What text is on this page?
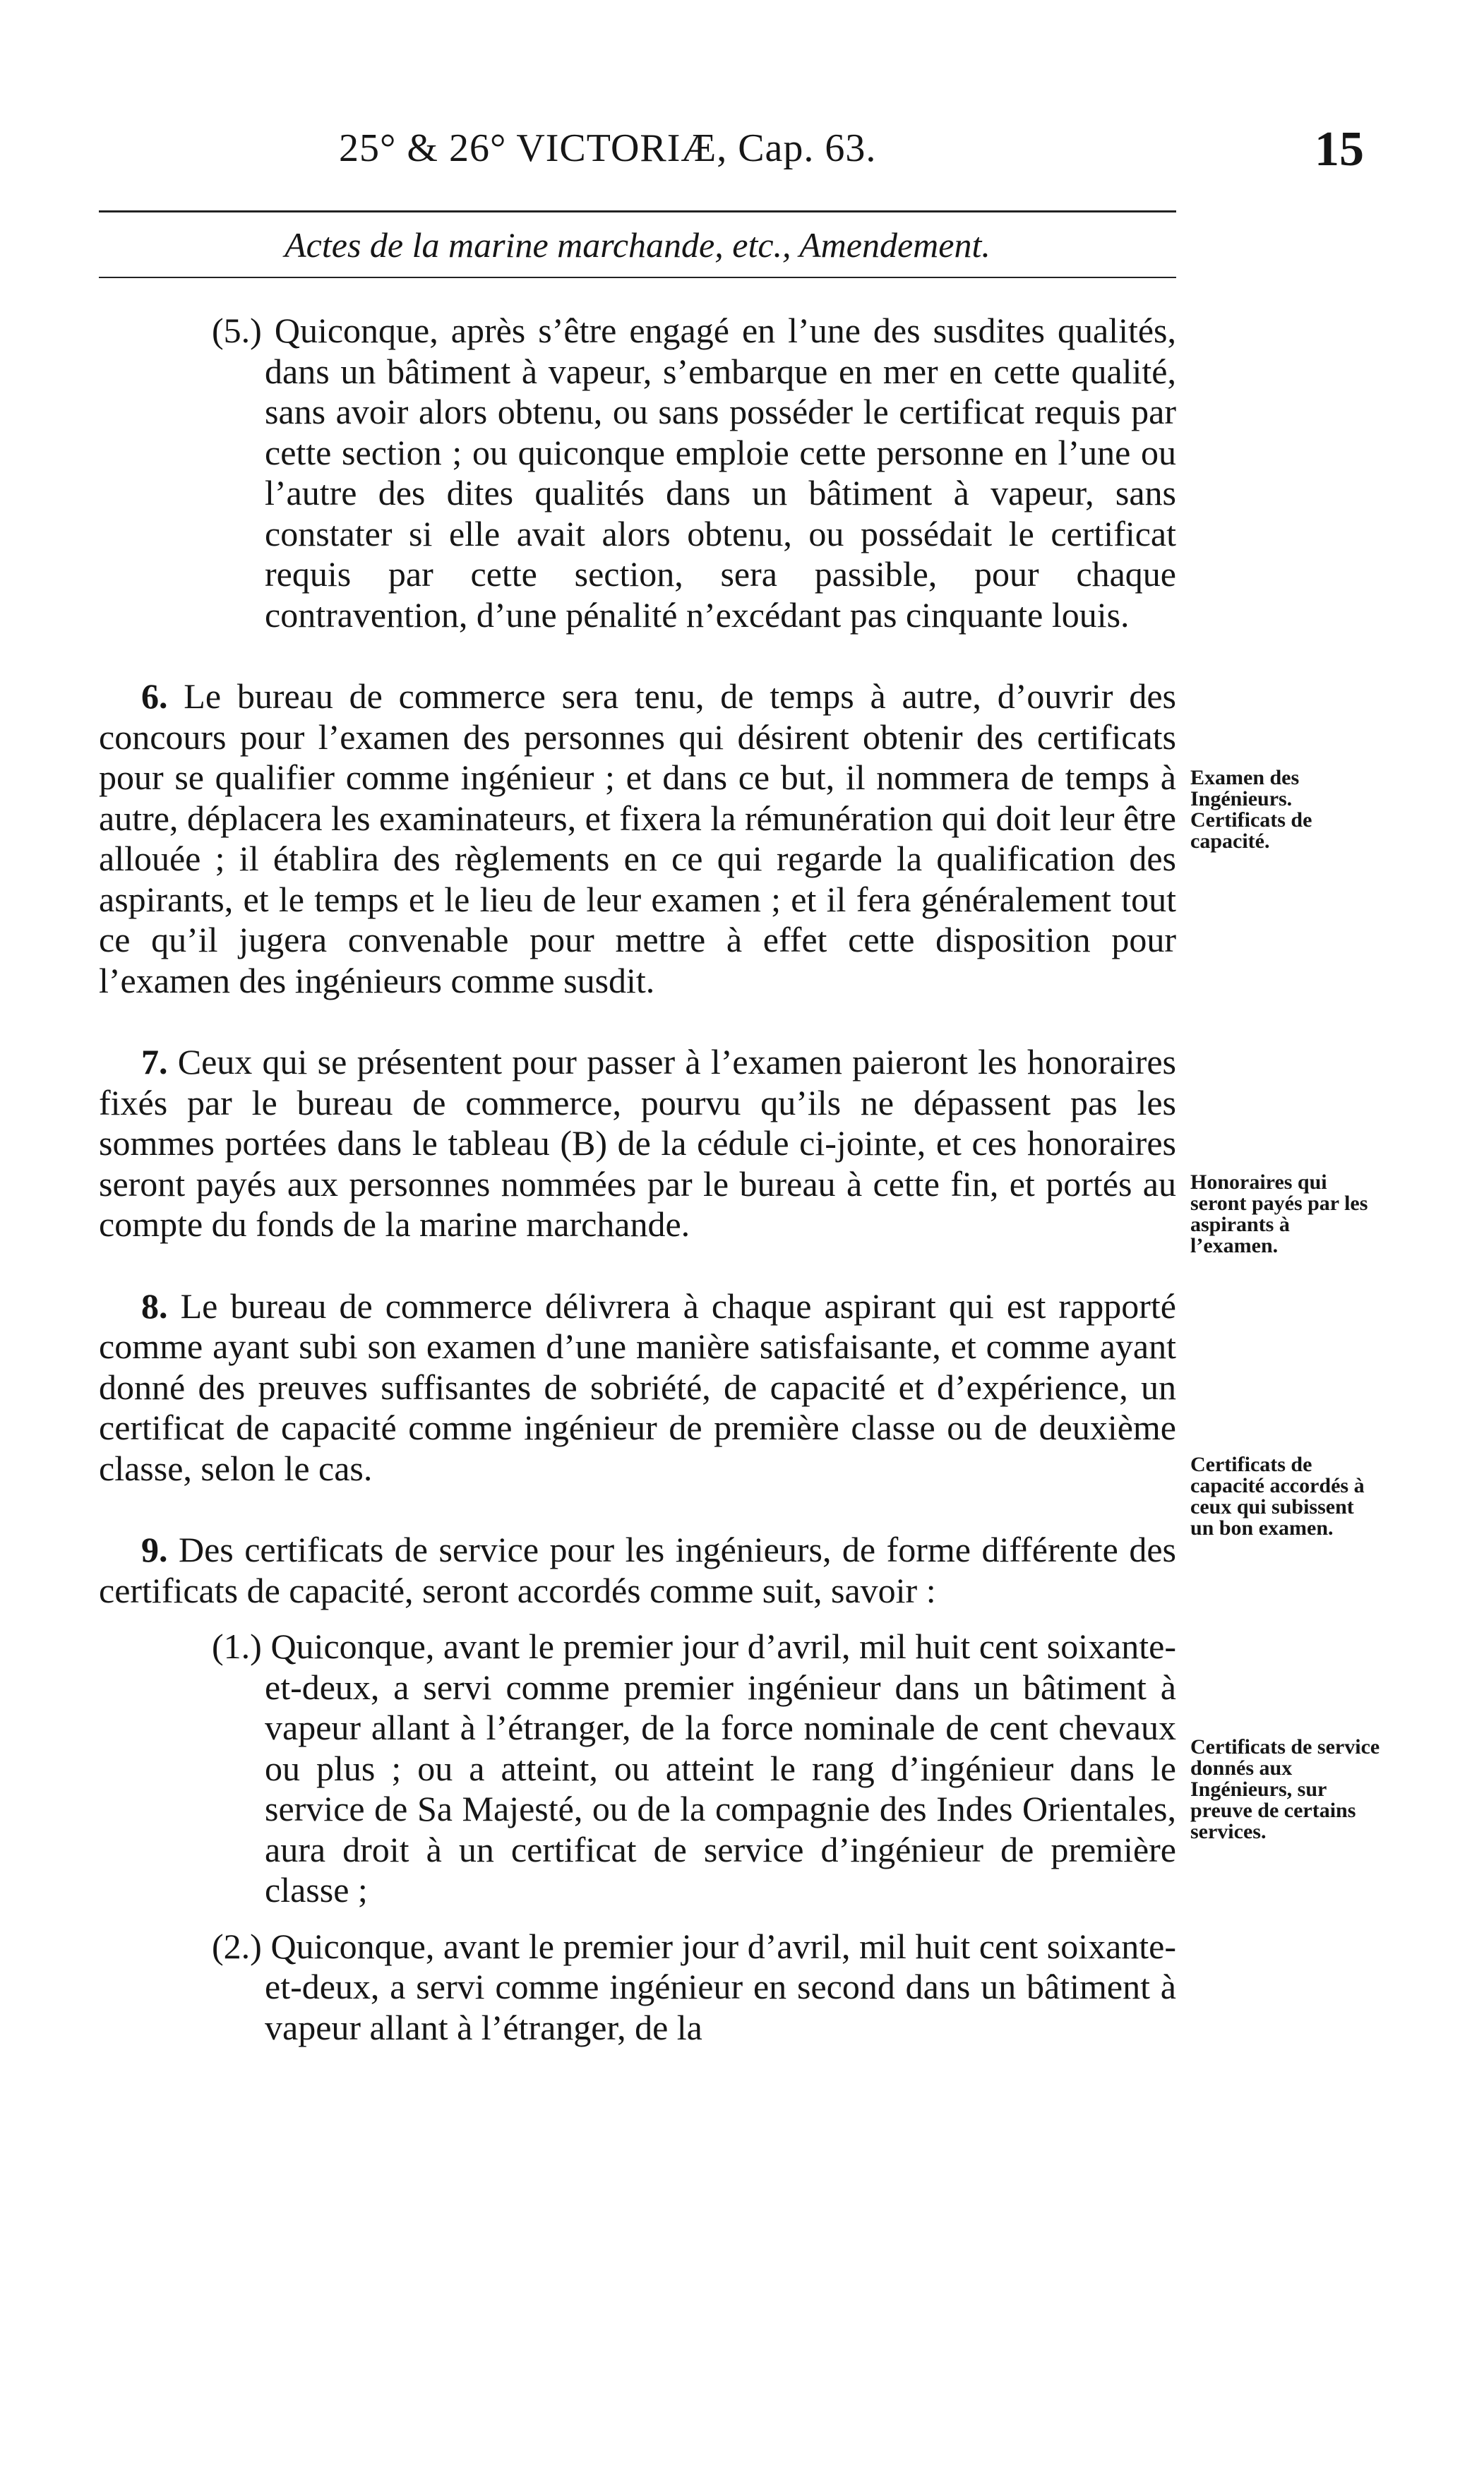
25° & 26° VICTORIÆ, Cap. 63.	15
Actes de la marine marchande, etc., Amendement.

(5.) Quiconque, après s’être engagé en l’une des susdites qualités, dans un bâtiment à vapeur, s’embarque en mer en cette qualité, sans avoir alors obtenu, ou sans posséder le certificat requis par cette section ; ou quiconque emploie cette personne en l’une ou l’autre des dites qualités dans un bâtiment à vapeur, sans constater si elle avait alors obtenu, ou possédait le certificat requis par cette section, sera passible, pour chaque contravention, d’une pénalité n’excédant pas cinquante louis.

6. Le bureau de commerce sera tenu, de temps à autre, d’ouvrir des concours pour l’examen des personnes qui désirent obtenir des certificats pour se qualifier comme ingénieur ; et dans ce but, il nommera de temps à autre, déplacera les examinateurs, et fixera la rémunération qui doit leur être allouée ; il établira des règlements en ce qui regarde la qualification des aspirants, et le temps et le lieu de leur examen ; et il fera généralement tout ce qu’il jugera convenable pour mettre à effet cette disposition pour l’examen des ingénieurs comme susdit.

7. Ceux qui se présentent pour passer à l’examen paieront les honoraires fixés par le bureau de commerce, pourvu qu’ils ne dépassent pas les sommes portées dans le tableau (B) de la cédule ci-jointe, et ces honoraires seront payés aux personnes nommées par le bureau à cette fin, et portés au compte du fonds de la marine marchande.

8. Le bureau de commerce délivrera à chaque aspirant qui est rapporté comme ayant subi son examen d’une manière satisfaisante, et comme ayant donné des preuves suffisantes de sobriété, de capacité et d’expérience, un certificat de capacité comme ingénieur de première classe ou de deuxième classe, selon le cas.

9. Des certificats de service pour les ingénieurs, de forme différente des certificats de capacité, seront accordés comme suit, savoir :

(1.) Quiconque, avant le premier jour d’avril, mil huit cent soixante-et-deux, a servi comme premier ingénieur dans un bâtiment à vapeur allant à l’étranger, de la force nominale de cent chevaux ou plus ; ou a atteint, ou atteint le rang d’ingénieur dans le service de Sa Majesté, ou de la compagnie des Indes Orientales, aura droit à un certificat de service d’ingénieur de première classe ;

(2.) Quiconque, avant le premier jour d’avril, mil huit cent soixante-et-deux, a servi comme ingénieur en second dans un bâtiment à vapeur allant à l’étranger, de la

Examen des Ingénieurs. Certificats de capacité.
Honoraires qui seront payés par les aspirants à l’examen.
Certificats de capacité accordés à ceux qui subissent un bon examen.
Certificats de service donnés aux Ingénieurs, sur preuve de certains services.
